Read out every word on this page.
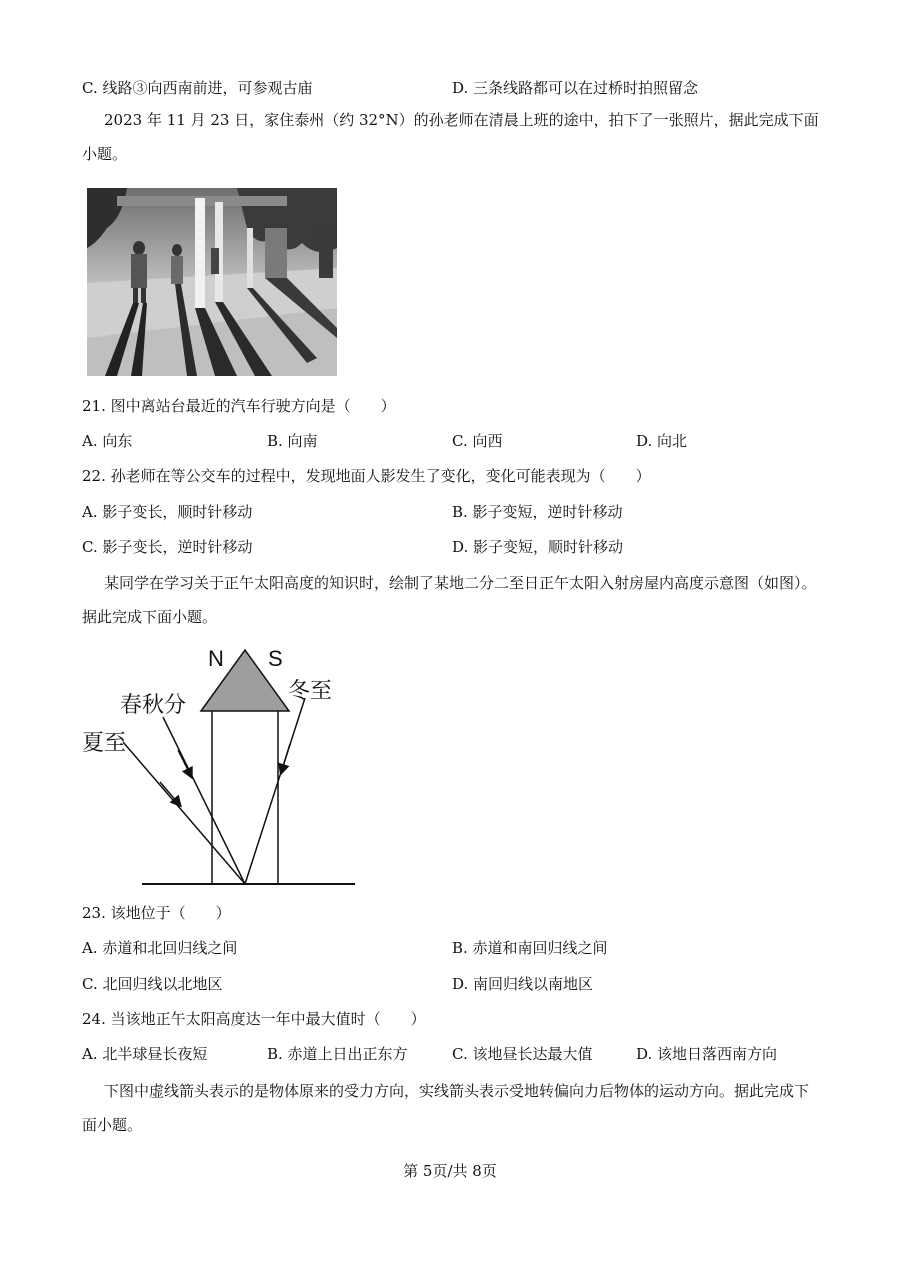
C. 线路③向西南前进，可参观古庙	D. 三条线路都可以在过桥时拍照留念
2023 年 11 月 23 日，家住泰州（约 32°N）的孙老师在清晨上班的途中，拍下了一张照片，据此完成下面小题。
21. 图中离站台最近的汽车行驶方向是（　　）
A. 向东	B. 向南	C. 向西	D. 向北
22. 孙老师在等公交车的过程中，发现地面人影发生了变化，变化可能表现为（　　）
A. 影子变长，顺时针移动	B. 影子变短，逆时针移动
C. 影子变长，逆时针移动	D. 影子变短，顺时针移动
某同学在学习关于正午太阳高度的知识时，绘制了某地二分二至日正午太阳入射房屋内高度示意图（如图）。据此完成下面小题。
N S
春秋分
冬至
夏至
23. 该地位于（　　）
A. 赤道和北回归线之间	B. 赤道和南回归线之间
C. 北回归线以北地区	D. 南回归线以南地区
24. 当该地正午太阳高度达一年中最大值时（　　）
A. 北半球昼长夜短	B. 赤道上日出正东方	C. 该地昼长达最大值	D. 该地日落西南方向
下图中虚线箭头表示的是物体原来的受力方向，实线箭头表示受地转偏向力后物体的运动方向。据此完成下面小题。
第 5页/共 8页
